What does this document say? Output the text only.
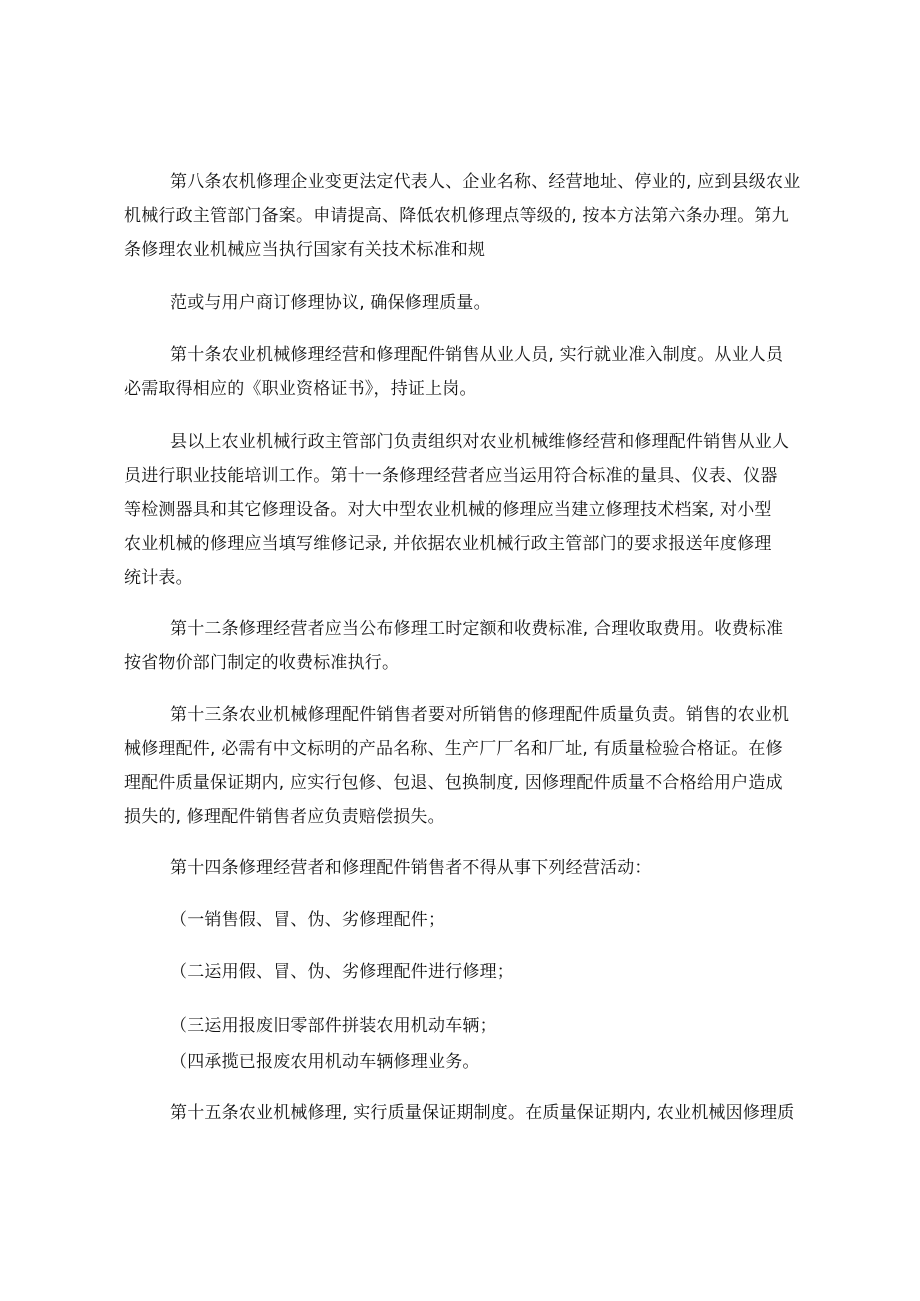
第八条农机修理企业变更法定代表人、企业名称、经营地址、停业的, 应到县级农业

机械行政主管部门备案。申请提高、降低农机修理点等级的, 按本方法第六条办理。第九

条修理农业机械应当执行国家有关技术标准和规

范或与用户商订修理协议, 确保修理质量。

第十条农业机械修理经营和修理配件销售从业人员, 实行就业准入制度。从业人员

必需取得相应的《职业资格证书》，持证上岗。

县以上农业机械行政主管部门负责组织对农业机械维修经营和修理配件销售从业人

员进行职业技能培训工作。第十一条修理经营者应当运用符合标准的量具、仪表、仪器

等检测器具和其它修理设备。对大中型农业机械的修理应当建立修理技术档案, 对小型

农业机械的修理应当填写维修记录, 并依据农业机械行政主管部门的要求报送年度修理

统计表。

第十二条修理经营者应当公布修理工时定额和收费标准, 合理收取费用。收费标准

按省物价部门制定的收费标准执行。

第十三条农业机械修理配件销售者要对所销售的修理配件质量负责。销售的农业机

械修理配件, 必需有中文标明的产品名称、生产厂厂名和厂址, 有质量检验合格证。在修

理配件质量保证期内, 应实行包修、包退、包换制度, 因修理配件质量不合格给用户造成

损失的, 修理配件销售者应负责赔偿损失。

第十四条修理经营者和修理配件销售者不得从事下列经营活动：

（一销售假、冒、伪、劣修理配件；

（二运用假、冒、伪、劣修理配件进行修理；

（三运用报废旧零部件拼装农用机动车辆；

（四承揽已报废农用机动车辆修理业务。

第十五条农业机械修理, 实行质量保证期制度。在质量保证期内, 农业机械因修理质
